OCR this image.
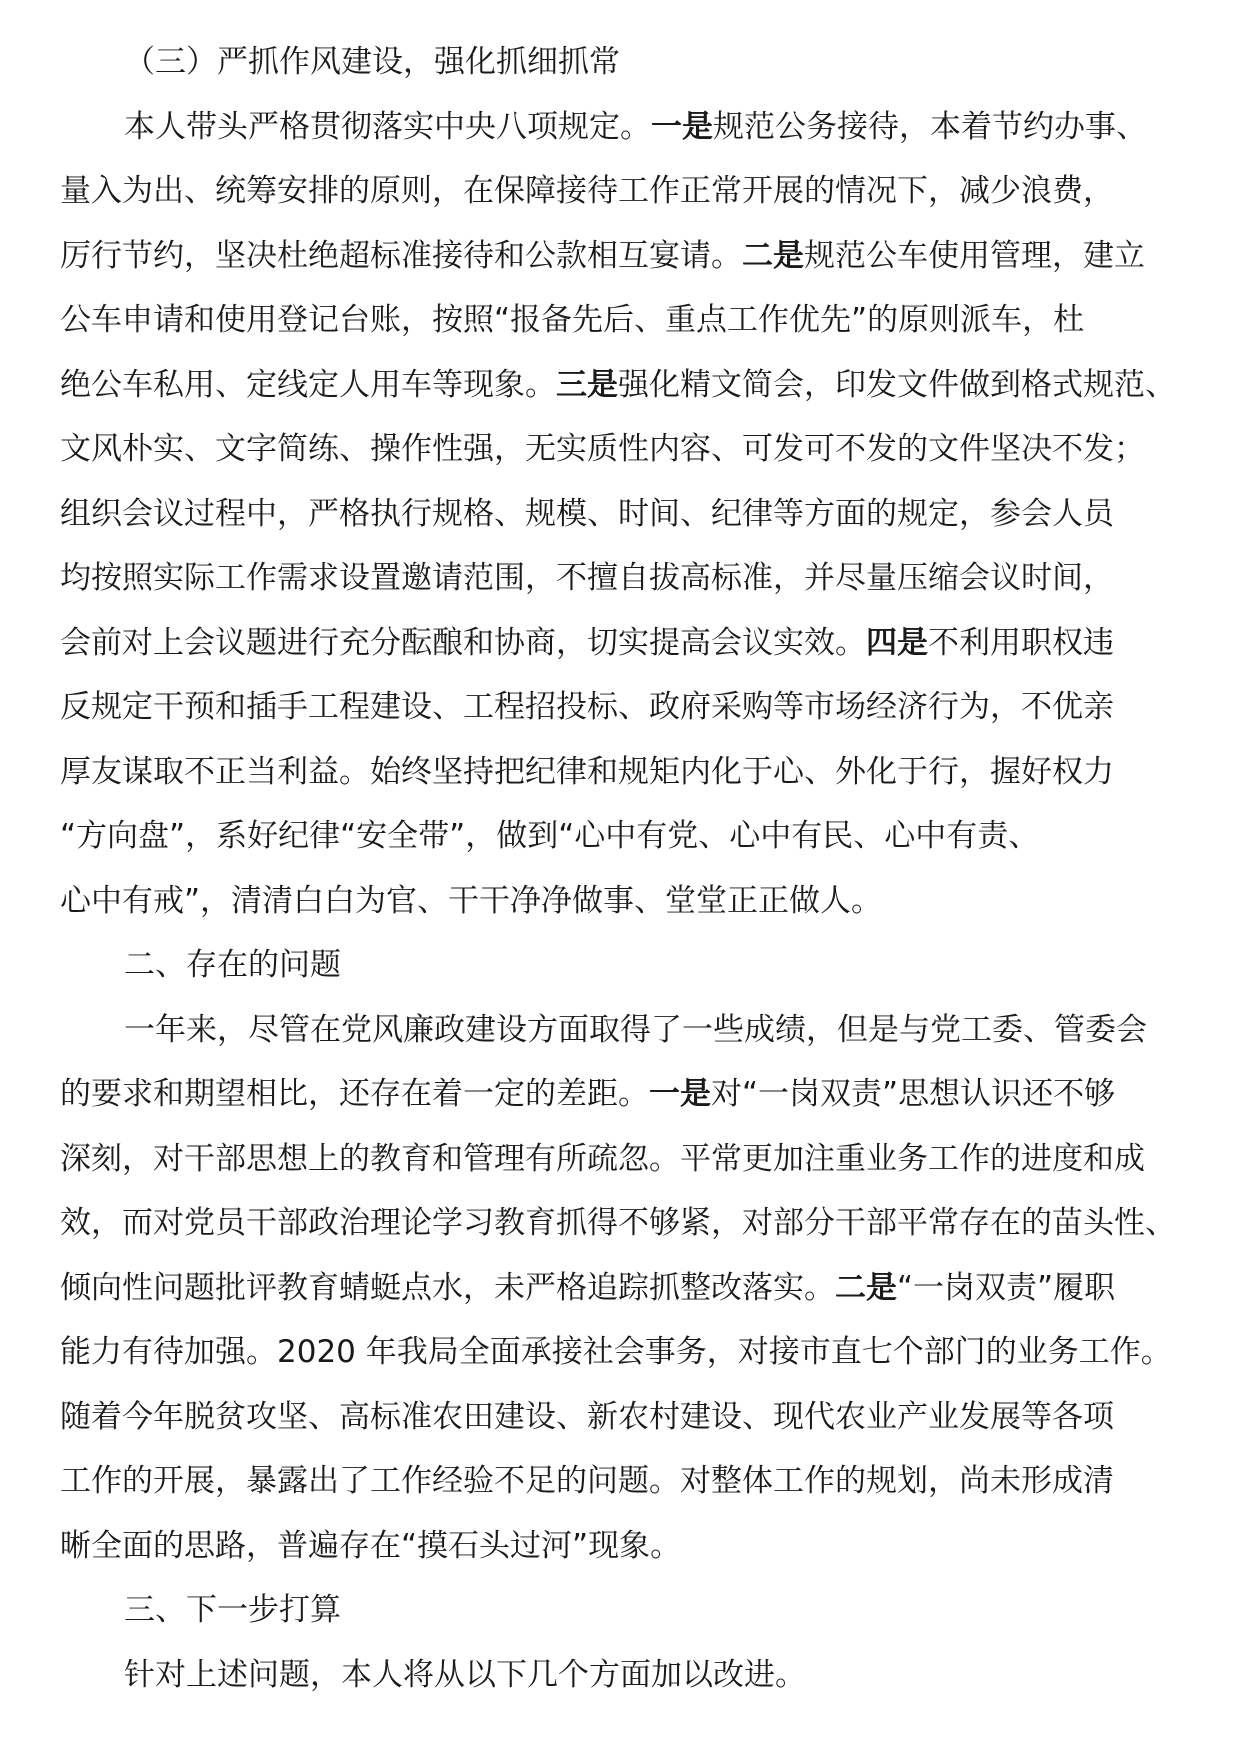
（三）严抓作风建设，强化抓细抓常
本人带头严格贯彻落实中央八项规定。一是规范公务接待，本着节约办事、
量入为出、统筹安排的原则，在保障接待工作正常开展的情况下，减少浪费，
厉行节约，坚决杜绝超标准接待和公款相互宴请。二是规范公车使用管理，建立
公车申请和使用登记台账，按照“报备先后、重点工作优先”的原则派车，杜
绝公车私用、定线定人用车等现象。三是强化精文简会，印发文件做到格式规范、
文风朴实、文字简练、操作性强，无实质性内容、可发可不发的文件坚决不发；
组织会议过程中，严格执行规格、规模、时间、纪律等方面的规定，参会人员
均按照实际工作需求设置邀请范围，不擅自拔高标准，并尽量压缩会议时间，
会前对上会议题进行充分酝酿和协商，切实提高会议实效。四是不利用职权违
反规定干预和插手工程建设、工程招投标、政府采购等市场经济行为，不优亲
厚友谋取不正当利益。始终坚持把纪律和规矩内化于心、外化于行，握好权力
“方向盘”，系好纪律“安全带”，做到“心中有党、心中有民、心中有责、
心中有戒”，清清白白为官、干干净净做事、堂堂正正做人。
二、存在的问题
一年来，尽管在党风廉政建设方面取得了一些成绩，但是与党工委、管委会
的要求和期望相比，还存在着一定的差距。一是对“一岗双责”思想认识还不够
深刻，对干部思想上的教育和管理有所疏忽。平常更加注重业务工作的进度和成
效，而对党员干部政治理论学习教育抓得不够紧，对部分干部平常存在的苗头性、
倾向性问题批评教育蜻蜓点水，未严格追踪抓整改落实。二是“一岗双责”履职
能力有待加强。2020 年我局全面承接社会事务，对接市直七个部门的业务工作。
随着今年脱贫攻坚、高标准农田建设、新农村建设、现代农业产业发展等各项
工作的开展，暴露出了工作经验不足的问题。对整体工作的规划，尚未形成清
晰全面的思路，普遍存在“摸石头过河”现象。
三、下一步打算
针对上述问题，本人将从以下几个方面加以改进。
